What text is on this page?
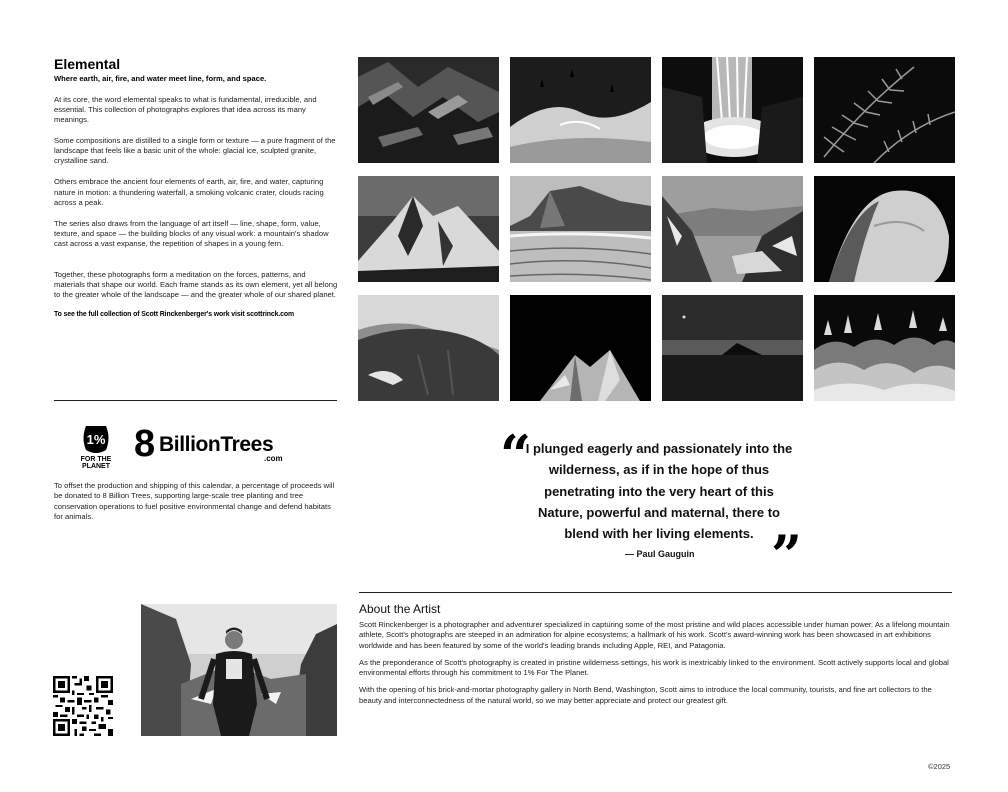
Elemental
Where earth, air, fire, and water meet line, form, and space.

At its core, the word elemental speaks to what is fundamental, irreducible, and essential. This collection of photographs explores that idea across its many meanings.

Some compositions are distilled to a single form or texture — a pure fragment of the landscape that feels like a basic unit of the whole: glacial ice, sculpted granite, crystalline sand.

Others embrace the ancient four elements of earth, air, fire, and water, capturing nature in motion: a thundering waterfall, a smoking volcanic crater, clouds racing across a peak.

The series also draws from the language of art itself — line, shape, form, value, texture, and space — the building blocks of any visual work: a mountain's shadow cast across a vast expanse, the repetition of shapes in a young fern.

Together, these photographs form a meditation on the forces, patterns, and materials that shape our world. Each frame stands as its own element, yet all belong to the greater whole of the landscape — and the greater whole of our shared planet.

To see the full collection of Scott Rinckenberger's work visit scottrinck.com

1%
FOR THE
PLANET
8 BillionTrees
.com
To offset the production and shipping of this calendar, a percentage of proceeds will be donated to 8 Billion Trees, supporting large-scale tree planting and tree conservation operations to fuel positive environmental change and defend habitats for animals.
“
I plunged eagerly and passionately into the wilderness, as if in the hope of thus penetrating into the very heart of this Nature, powerful and maternal, there to blend with her living elements.
— Paul Gauguin ”
About the Artist

Scott Rinckenberger is a photographer and adventurer specialized in capturing some of the most pristine and wild places accessible under human power. As a lifelong mountain athlete, Scott's photographs are steeped in an admiration for alpine ecosystems; a hallmark of his work. Scott's award-winning work has been showcased in art exhibitions worldwide and has been featured by some of the world's leading brands including Apple, REI, and Patagonia.

As the preponderance of Scott's photography is created in pristine wilderness settings, his work is inextricably linked to the environment. Scott actively supports local and global environmental efforts through his commitment to 1% For The Planet.

With the opening of his brick-and-mortar photography gallery in North Bend, Washington, Scott aims to introduce the local community, tourists, and fine art collectors to the beauty and interconnectedness of the natural world, so we may better appreciate and protect our greatest gift.

©2025
